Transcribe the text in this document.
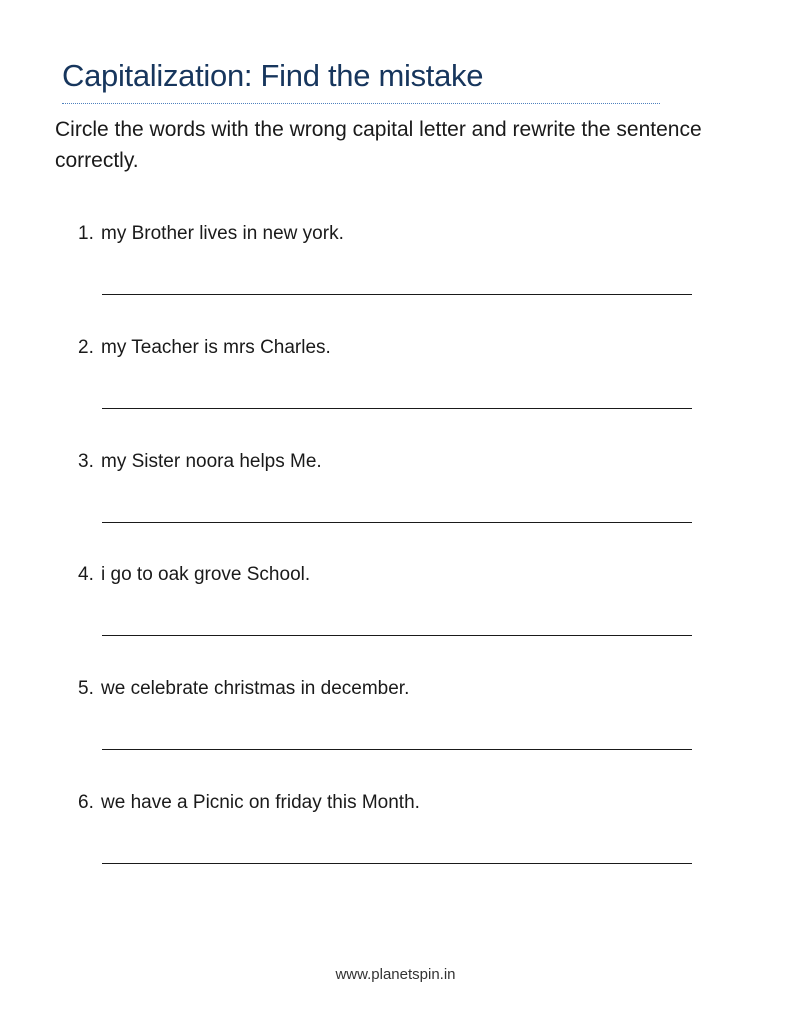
Capitalization: Find the mistake
Circle the words with the wrong capital letter and rewrite the sentence correctly.
1. my Brother lives in new york.
2. my Teacher is mrs Charles.
3. my Sister noora helps Me.
4. i go to oak grove School.
5. we celebrate christmas in december.
6. we have a Picnic on friday this Month.
www.planetspin.in
